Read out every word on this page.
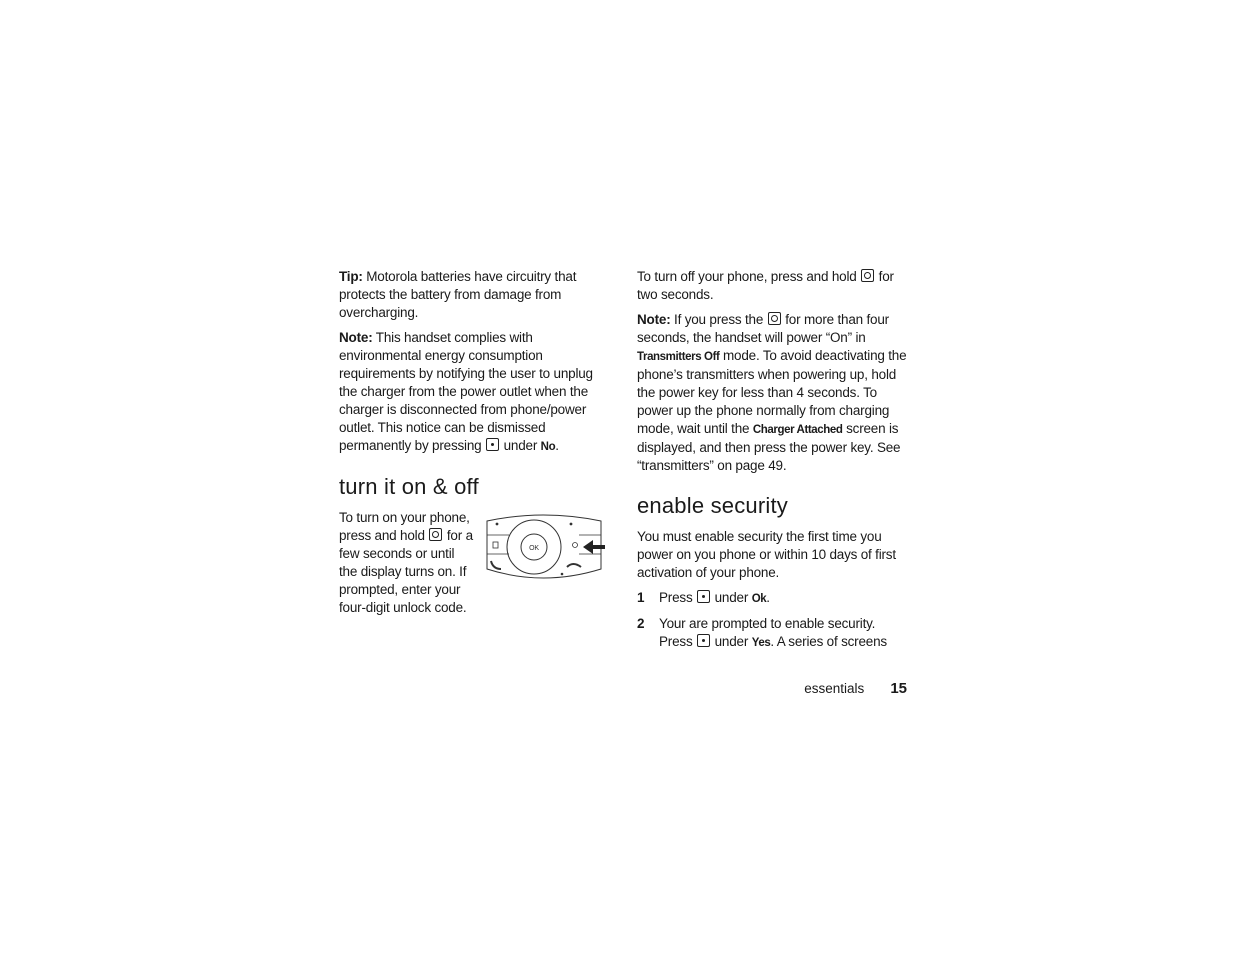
Tip: Motorola batteries have circuitry that protects the battery from damage from overcharging.

Note: This handset complies with environmental energy consumption requirements by notifying the user to unplug the charger from the power outlet when the charger is disconnected from phone/power outlet. This notice can be dismissed permanently by pressing  under No.

turn it on & off

To turn on your phone, press and hold  for a few seconds or until the display turns on. If prompted, enter your four-digit unlock code.

OK

To turn off your phone, press and hold  for two seconds.

Note: If you press the  for more than four seconds, the handset will power “On” in Transmitters Off mode. To avoid deactivating the phone’s transmitters when powering up, hold the power key for less than 4 seconds. To power up the phone normally from charging mode, wait until the Charger Attached screen is displayed, and then press the power key. See “transmitters” on page 49.

enable security

You must enable security the first time you power on you phone or within 10 days of first activation of your phone.

1 Press  under Ok.
2 Your are prompted to enable security. Press  under Yes. A series of screens
essentials 15
